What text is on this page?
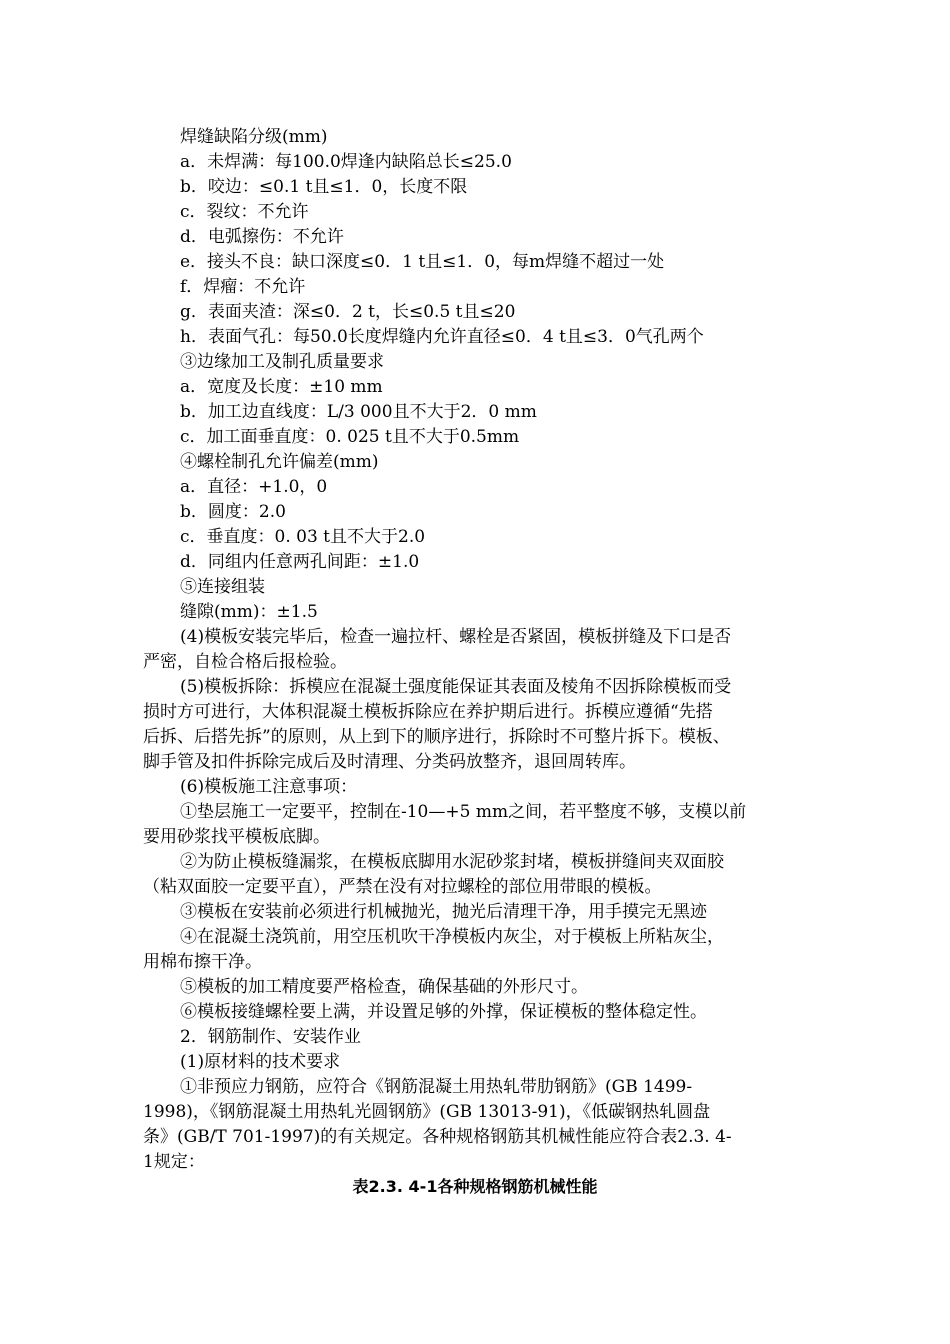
焊缝缺陷分级(mm)
a．未焊满：每100.0焊逢内缺陷总长≤25.0
b．咬边：≤0.1 t且≤1．0，长度不限
c．裂纹：不允许
d．电弧擦伤：不允许
e．接头不良：缺口深度≤0．1 t且≤1．0，每m焊缝不超过一处
f．焊瘤：不允许
g．表面夹渣：深≤0．2 t，长≤0.5 t且≤20
h．表面气孔：每50.0长度焊缝内允许直径≤0．4 t且≤3．0气孔两个
③边缘加工及制孔质量要求
a．宽度及长度：±10 mm
b．加工边直线度：L/3 000且不大于2．0 mm
c．加工面垂直度：0. 025 t且不大于0.5mm
④螺栓制孔允许偏差(mm)
a．直径：+1.0，0
b．圆度：2.0
c．垂直度：0. 03 t且不大于2.0
d．同组内任意两孔间距：±1.0
⑤连接组装
缝隙(mm)：±1.5
(4)模板安装完毕后，检查一遍拉杆、螺栓是否紧固，模板拼缝及下口是否
严密，自检合格后报检验。
(5)模板拆除：拆模应在混凝土强度能保证其表面及棱角不因拆除模板而受
损时方可进行，大体积混凝土模板拆除应在养护期后进行。拆模应遵循“先搭
后拆、后搭先拆”的原则，从上到下的顺序进行，拆除时不可整片拆下。模板、
脚手管及扣件拆除完成后及时清理、分类码放整齐，退回周转库。
(6)模板施工注意事项：
①垫层施工一定要平，控制在-10—+5 mm之间，若平整度不够，支模以前
要用砂浆找平模板底脚。
②为防止模板缝漏浆，在模板底脚用水泥砂浆封堵，模板拼缝间夹双面胶
（粘双面胶一定要平直），严禁在没有对拉螺栓的部位用带眼的模板。
③模板在安装前必须进行机械抛光，抛光后清理干净，用手摸完无黑迹
④在混凝土浇筑前，用空压机吹干净模板内灰尘，对于模板上所粘灰尘，
用棉布擦干净。
⑤模板的加工精度要严格检查，确保基础的外形尺寸。
⑥模板接缝螺栓要上满，并设置足够的外撑，保证模板的整体稳定性。
2．钢筋制作、安装作业
(1)原材料的技术要求
①非预应力钢筋，应符合《钢筋混凝土用热轧带肋钢筋》(GB 1499-
1998)，《钢筋混凝土用热轧光圆钢筋》(GB 13013-91)，《低碳钢热轧圆盘
条》(GB/T 701-1997)的有关规定。各种规格钢筋其机械性能应符合表2.3. 4-
1规定：
表2.3. 4-1各种规格钢筋机械性能
